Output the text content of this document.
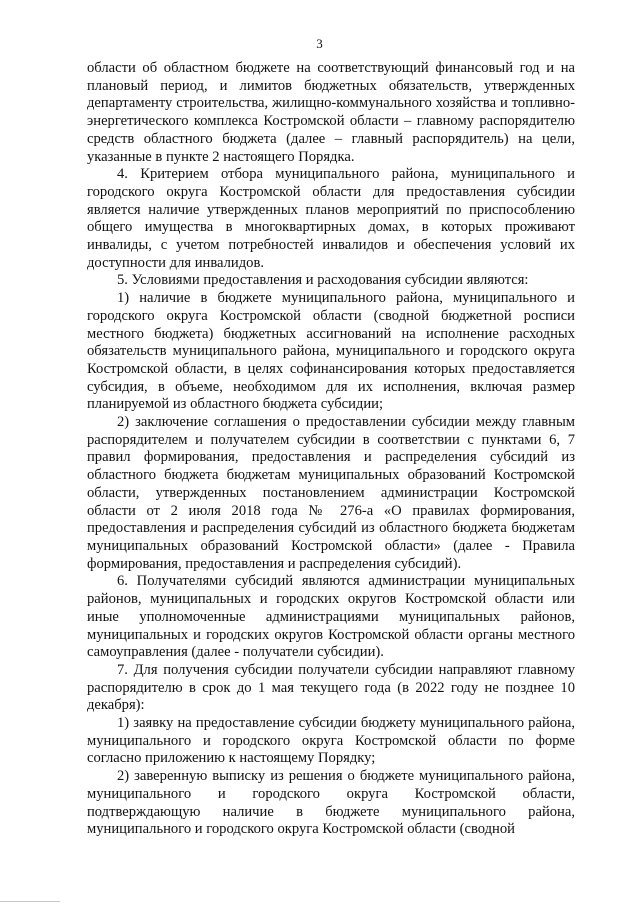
3

области об областном бюджете на соответствующий финансовый год и на плановый период, и лимитов бюджетных обязательств, утвержденных департаменту строительства, жилищно-коммунального хозяйства и топливно-энергетического комплекса Костромской области – главному распорядителю средств областного бюджета (далее – главный распорядитель) на цели, указанные в пункте 2 настоящего Порядка.

4. Критерием отбора муниципального района, муниципального и городского округа Костромской области для предоставления субсидии является наличие утвержденных планов мероприятий по приспособлению общего имущества в многоквартирных домах, в которых проживают инвалиды, с учетом потребностей инвалидов и обеспечения условий их доступности для инвалидов.

5. Условиями предоставления и расходования субсидии являются:

1) наличие в бюджете муниципального района, муниципального и городского округа Костромской области (сводной бюджетной росписи местного бюджета) бюджетных ассигнований на исполнение расходных обязательств муниципального района, муниципального и городского округа Костромской области, в целях софинансирования которых предоставляется субсидия, в объеме, необходимом для их исполнения, включая размер планируемой из областного бюджета субсидии;

2) заключение соглашения о предоставлении субсидии между главным распорядителем и получателем субсидии в соответствии с пунктами 6, 7 правил формирования, предоставления и распределения субсидий из областного бюджета бюджетам муниципальных образований Костромской области, утвержденных постановлением администрации Костромской области от 2 июля 2018 года № 276-а «О правилах формирования, предоставления и распределения субсидий из областного бюджета бюджетам муниципальных образований Костромской области» (далее - Правила формирования, предоставления и распределения субсидий).

6. Получателями субсидий являются администрации муниципальных районов, муниципальных и городских округов Костромской области или иные уполномоченные администрациями муниципальных районов, муниципальных и городских округов Костромской области органы местного самоуправления (далее - получатели субсидии).

7. Для получения субсидии получатели субсидии направляют главному распорядителю в срок до 1 мая текущего года (в 2022 году не позднее 10 декабря):

1) заявку на предоставление субсидии бюджету муниципального района, муниципального и городского округа Костромской области по форме согласно приложению к настоящему Порядку;

2) заверенную выписку из решения о бюджете муниципального района, муниципального и городского округа Костромской области, подтверждающую наличие в бюджете муниципального района, муниципального и городского округа Костромской области (сводной
